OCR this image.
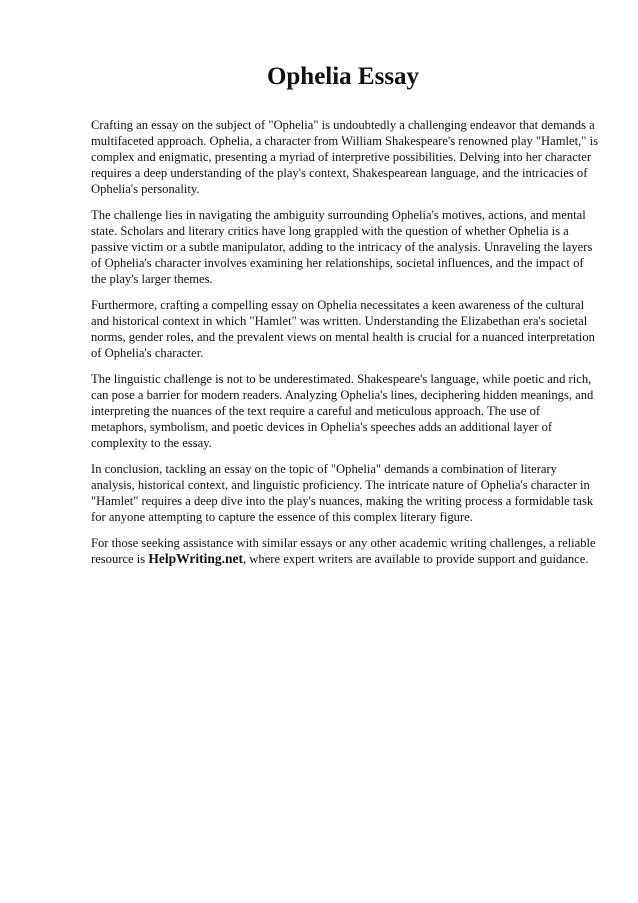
Ophelia Essay

Crafting an essay on the subject of "Ophelia" is undoubtedly a challenging endeavor that demands a multifaceted approach. Ophelia, a character from William Shakespeare's renowned play "Hamlet," is complex and enigmatic, presenting a myriad of interpretive possibilities. Delving into her character requires a deep understanding of the play's context, Shakespearean language, and the intricacies of Ophelia's personality.

The challenge lies in navigating the ambiguity surrounding Ophelia's motives, actions, and mental state. Scholars and literary critics have long grappled with the question of whether Ophelia is a passive victim or a subtle manipulator, adding to the intricacy of the analysis. Unraveling the layers of Ophelia's character involves examining her relationships, societal influences, and the impact of the play's larger themes.

Furthermore, crafting a compelling essay on Ophelia necessitates a keen awareness of the cultural and historical context in which "Hamlet" was written. Understanding the Elizabethan era's societal norms, gender roles, and the prevalent views on mental health is crucial for a nuanced interpretation of Ophelia's character.

The linguistic challenge is not to be underestimated. Shakespeare's language, while poetic and rich, can pose a barrier for modern readers. Analyzing Ophelia's lines, deciphering hidden meanings, and interpreting the nuances of the text require a careful and meticulous approach. The use of metaphors, symbolism, and poetic devices in Ophelia's speeches adds an additional layer of complexity to the essay.

In conclusion, tackling an essay on the topic of "Ophelia" demands a combination of literary analysis, historical context, and linguistic proficiency. The intricate nature of Ophelia's character in "Hamlet" requires a deep dive into the play's nuances, making the writing process a formidable task for anyone attempting to capture the essence of this complex literary figure.

For those seeking assistance with similar essays or any other academic writing challenges, a reliable resource is HelpWriting.net, where expert writers are available to provide support and guidance.
